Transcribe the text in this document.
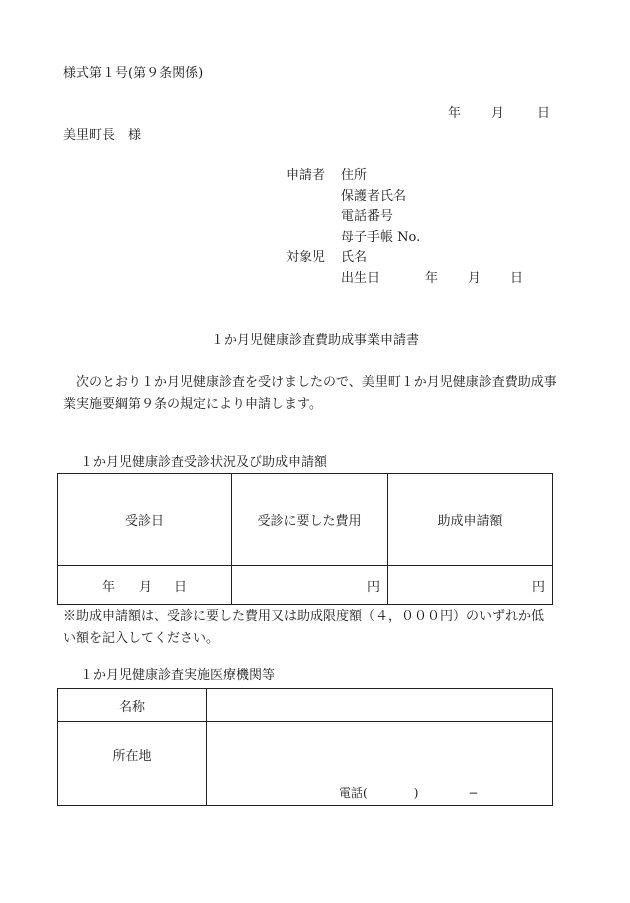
様式第１号(第９条関係)
年 月	日
美里町長　様
申請者 住所
保護者氏名
電話番号
母子手帳 No.
対象児 氏名
出生日	年 月 日
１か月児健康診査費助成事業申請書
次のとおり１か月児健康診査を受けましたので、美里町１か月児健康診査費助成事業実施要綱第９条の規定により申請します。
１か月児健康診査受診状況及び助成申請額
受診日	受診に要した費用	助成申請額
年 月 日	円	円
※助成申請額は、受診に要した費用又は助成限度額（４，０００円）のいずれか低い額を記入してください。
１か月児健康診査実施医療機関等
名称	
所在地	電話( ) −
